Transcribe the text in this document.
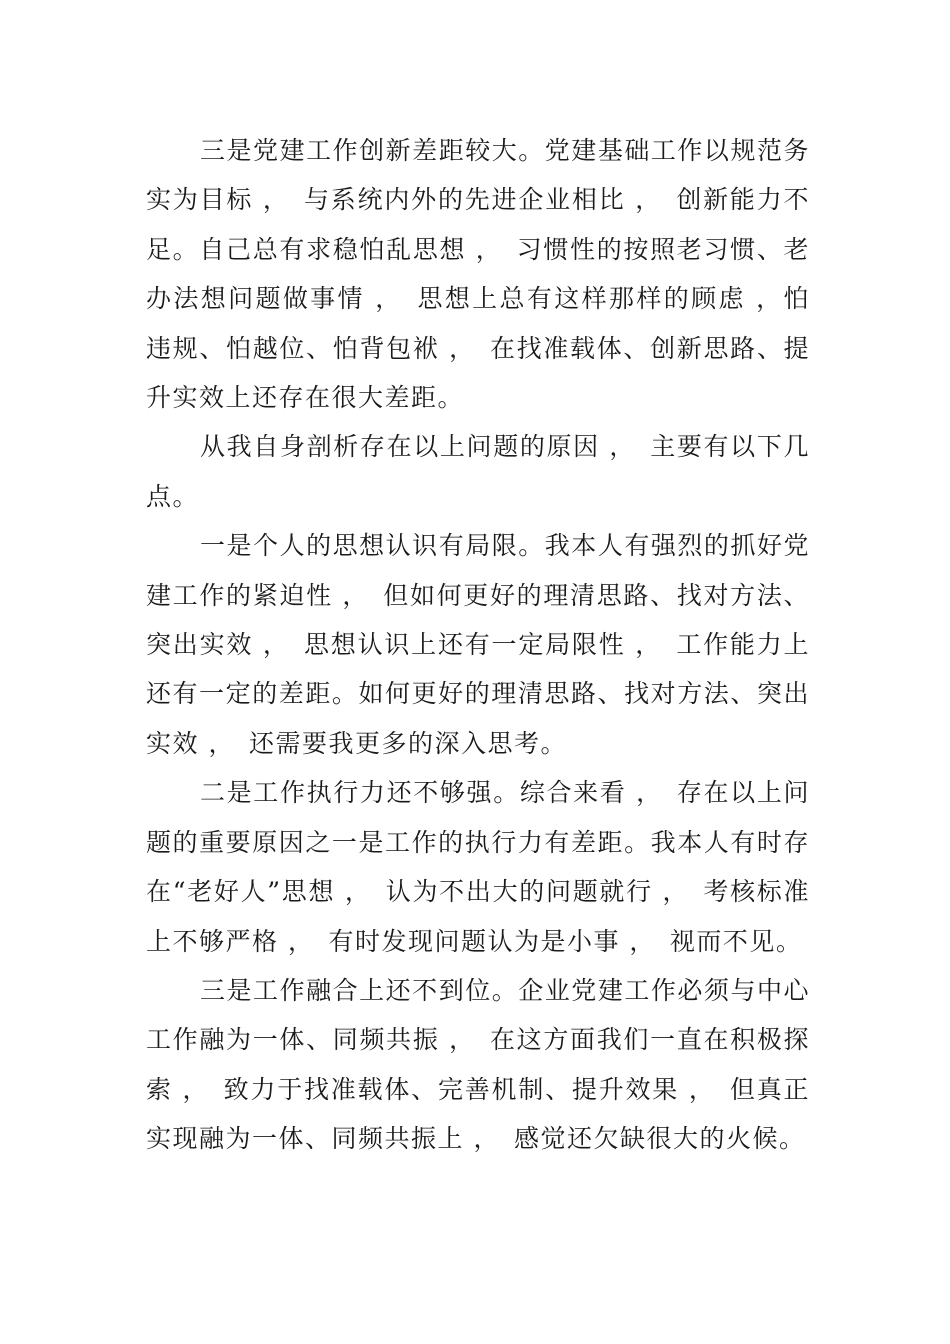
三是党建工作创新差距较大。党建基础工作以规范务实为目标 ，　与系统内外的先进企业相比 ，　创新能力不足。自己总有求稳怕乱思想 ，　习惯性的按照老习惯、老办法想问题做事情 ，　思想上总有这样那样的顾虑 ，怕违规、怕越位、怕背包袱 ，　在找准载体、创新思路、提升实效上还存在很大差距。

从我自身剖析存在以上问题的原因 ，　主要有以下几点。

一是个人的思想认识有局限。我本人有强烈的抓好党建工作的紧迫性 ，　但如何更好的理清思路、找对方法、突出实效 ，　思想认识上还有一定局限性 ，　工作能力上还有一定的差距。如何更好的理清思路、找对方法、突出实效 ，　还需要我更多的深入思考。

二是工作执行力还不够强。综合来看 ，　存在以上问题的重要原因之一是工作的执行力有差距。我本人有时存在“老好人”思想 ，　认为不出大的问题就行 ，　考核标准上不够严格 ，　有时发现问题认为是小事 ，　视而不见。

三是工作融合上还不到位。企业党建工作必须与中心工作融为一体、同频共振 ，　在这方面我们一直在积极探索 ，　致力于找准载体、完善机制、提升效果 ，　但真正实现融为一体、同频共振上 ，　感觉还欠缺很大的火候。
